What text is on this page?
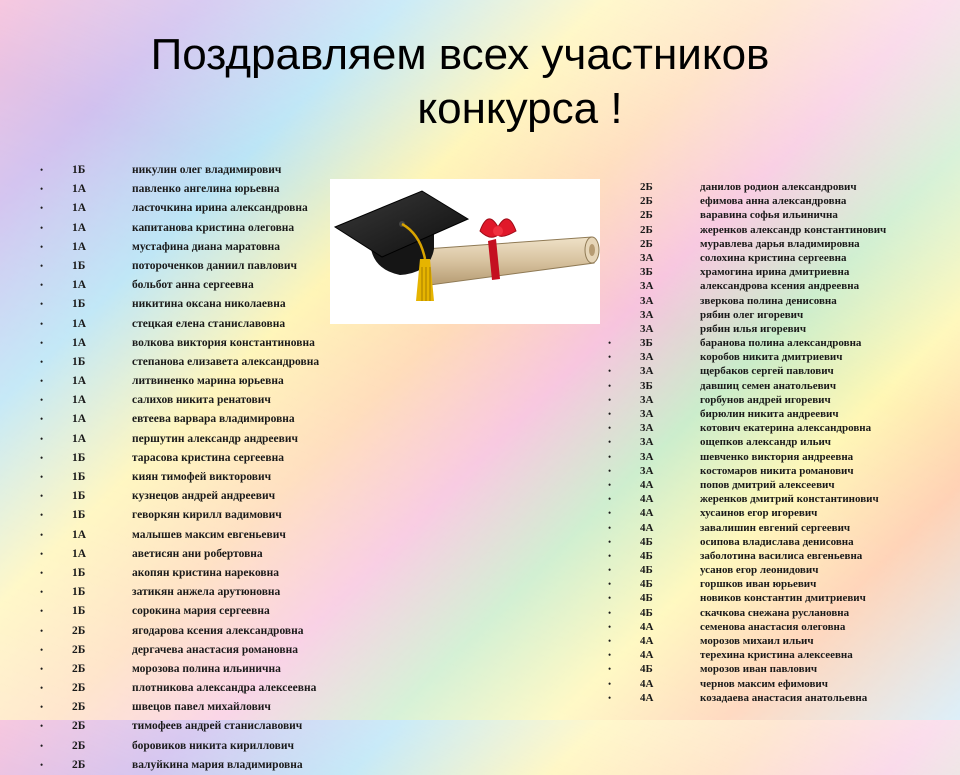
Поздравляем всех участников
конкурса !
• 1Б	никулин олег владимирович
• 1А	павленко ангелина юрьевна
• 1А	ласточкина ирина александровна
• 1А	капитанова кристина олеговна
• 1А	мустафина диана маратовна
• 1Б	потороченков даниил павлович
• 1А	больбот анна сергеевна
• 1Б	никитина оксана николаевна
• 1А	стецкая елена станиславовна
• 1А	волкова виктория константиновна
• 1Б	степанова елизавета александровна
• 1А	литвиненко марина юрьевна
• 1А	салихов никита ренатович
• 1А	евтеева варвара владимировна
• 1А	першутин александр андреевич
• 1Б	тарасова кристина сергеевна
• 1Б	киян тимофей викторович
• 1Б	кузнецов андрей андреевич
• 1Б	геворкян кирилл вадимович
• 1А	малышев максим евгеньевич
• 1А	аветисян ани робертовна
• 1Б	акопян кристина нарековна
• 1Б	затикян анжела арутюновна
• 1Б	сорокина мария сергеевна
• 2Б	ягодарова ксения александровна
• 2Б	дергачева анастасия романовна
• 2Б	морозова полина ильинична
• 2Б	плотникова александра алексеевна
• 2Б	швецов павел михайлович
• 2Б	тимофеев андрей станиславович
• 2Б	боровиков никита кириллович
• 2Б	валуйкина мария владимировна
2Б	данилов родион александрович
2Б	ефимова анна александровна
2Б	варавина софья ильинична
2Б	жеренков александр константинович
2Б	муравлева дарья владимировна
3А	солохина кристина сергеевна
3Б	храмогина ирина дмитриевна
3А	александрова ксения андреевна
3А	зверкова полина денисовна
3А	рябин олег игоревич
3А	рябин илья игоревич
• 3Б	баранова полина александровна
• 3А	коробов никита дмитриевич
• 3А	щербаков сергей павлович
• 3Б	давшиц семен анатольевич
• 3А	горбунов андрей игоревич
• 3А	бирюлин никита андреевич
• 3А	котович екатерина александровна
• 3А	ощепков александр ильич
• 3А	шевченко виктория андреевна
• 3А	костомаров никита романович
• 4А	попов дмитрий алексеевич
• 4А	жеренков дмитрий константинович
• 4А	хусаинов егор игоревич
• 4А	завалишин евгений сергеевич
• 4Б	осипова владислава денисовна
• 4Б	заболотина василиса евгеньевна
• 4Б	усанов егор леонидович
• 4Б	горшков иван юрьевич
• 4Б	новиков константин дмитриевич
• 4Б	скачкова снежана руслановна
• 4А	семенова анастасия олеговна
• 4А	морозов михаил ильич
• 4А	терехина кристина алексеевна
• 4Б	морозов иван павлович
• 4А	чернов максим ефимович
• 4А	козадаева анастасия анатольевна
